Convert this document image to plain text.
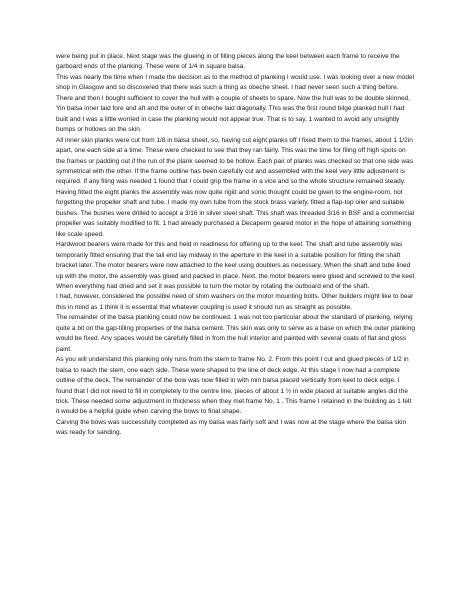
were being put in place. Next stage was the glueing in of filling pieces along the keel between each frame to receive the garboard ends of the planking. These were of 1/4 in square balsa.

This was nearly the time when I made the decision as to the method of planking I would use. I was looking over a new model shop in Glasgow and so discovered that there was such a thing as obeche sheet. I had never seen such a thing before. There and then I bought sufficient to cover the hull with a couple of sheets to spare. Now the hull was to be double skinned, Yin balsa inner laid fore and aft and the outer of in oheche laid diagonally. This was the first round bilge planked hull I had built and I was a little worried in case the planking would not appear true. That is to say, 1 wanted to avoid any unsightly bumps or hollows on the skin.

All inner skin planks were cut from 1/8 in balsa sheet, so, having cut eight planks off I fixed them to the frames, about 1 1/2in apart, one each side at a time. These were checked to see that they ran fairly. This was the time for filing off high spots on the frames or padding out if the run of the plank seemed to be hollow. Each pair of planks was checked so that one side was symmetrical with the other. If the frame outline has been carefully cut and assembled with the keel very little adjustment is required. If any filing was needed 1 found that I could grip the frame in a vice and so the whole structure remained steady.

Having fitted the eight planks the assembly was now quite rigid and sonic thought could be given to the engine-room, not forgetting the propeller shaft and tube. I made my own tube from the stock brass variety, fitted a flap-top oiler and suitable bushes. The bushes were drilled to accept a 3/16 in silver steel shaft. This shaft was threaded 3/16 in BSF and a commercial propeller was suitably modified to fit. 1 had already purchased a Decaperm geared motor in the hope of attaining something like scale speed.

Hardwood bearers were made for this and held in readiness for offering up to the keel. The shaft and tube assembly was temporarily fitted ensuring that the tail end lay midway in the aperture in the keel in a suitable position for fitting the shaft bracket later. The motor bearers were now attached to the keel using doublers as necessary. When the shaft and tube lined up with the motor, the assembly was glued and packed in place. Next. the motor bearers were glued and screwed to the keel. When everything had dried and set it was possible to turn the motor by rotating the outboard end of the shaft.

I had, however, considered the possible need of shim washers on the motor mounting bolts. Other builders might like to bear this in mind as 1 think it is essential that whatever coupling is used it should run as straight as possible.

The remainder of the balsa planking could now be continued. 1 was not too particular about the standard of planking, relying quite a bit on the gap-tilling properties of the balsa cement. This skin was only to serve as a base on which the outer planking would be fixed. Any spaces would be carefully filled in from the hull interior and painted with several coats of flat and gloss paint.

As you will understand this planking only runs from the stern to frame No. 2. From this point I cut and glued pieces of 1/2 in balsa to reach the stem, one each side. These were shaped to the line of deck edge. At this stage I now had a complete outline of the deck. The remainder of the bow was now filled in with min balsa placed vertically from keel to deck edge. I found that I did not need to fill in completely to the centre line, pieces of about 1 ½ in wide placed at suitable angles did the trick. These needed some adjustment in thickness when they met frame No. 1 . This frame I retained in the building as 1 felt it would be a helpful guide when carving the bows to final shape.

Carving the bows was successfully completed as my balsa was fairly soft and I was now at the stage where the balsa skin was ready for sanding.
